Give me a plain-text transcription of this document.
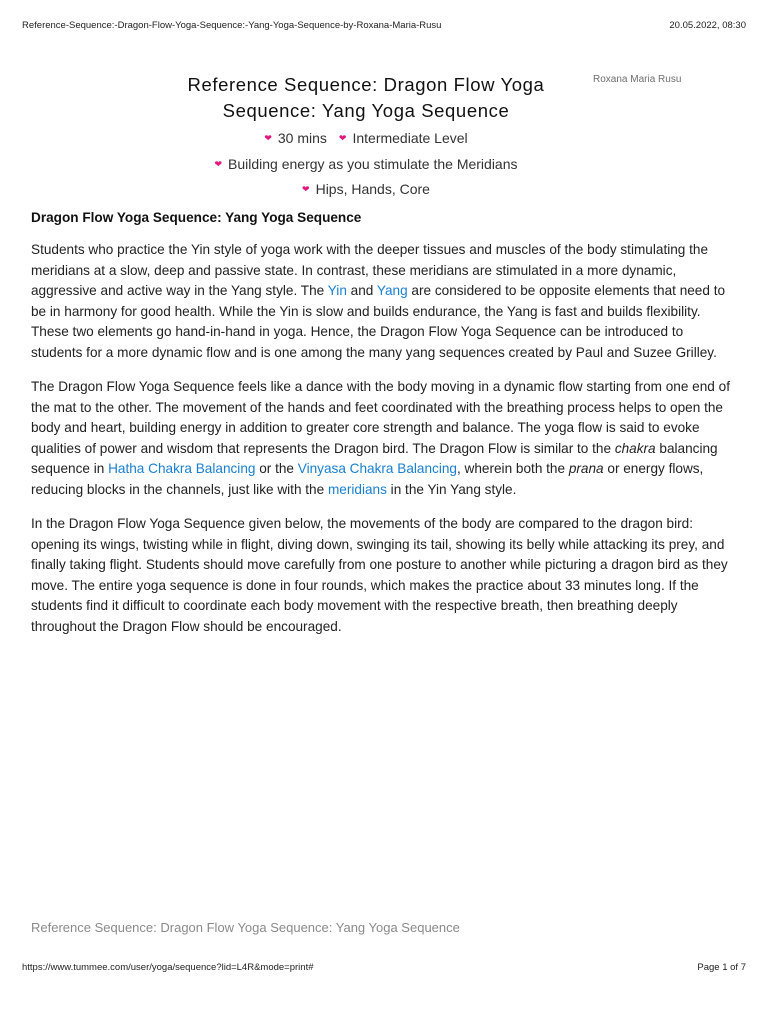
Reference-Sequence:-Dragon-Flow-Yoga-Sequence:-Yang-Yoga-Sequence-by-Roxana-Maria-Rusu	20.05.2022, 08:30
Reference Sequence: Dragon Flow Yoga Sequence: Yang Yoga Sequence
Roxana Maria Rusu
❤ 30 mins ❤ Intermediate Level
❤ Building energy as you stimulate the Meridians
❤ Hips, Hands, Core
Dragon Flow Yoga Sequence: Yang Yoga Sequence

Students who practice the Yin style of yoga work with the deeper tissues and muscles of the body stimulating the meridians at a slow, deep and passive state. In contrast, these meridians are stimulated in a more dynamic, aggressive and active way in the Yang style. The Yin and Yang are considered to be opposite elements that need to be in harmony for good health. While the Yin is slow and builds endurance, the Yang is fast and builds flexibility. These two elements go hand-in-hand in yoga. Hence, the Dragon Flow Yoga Sequence can be introduced to students for a more dynamic flow and is one among the many yang sequences created by Paul and Suzee Grilley.

The Dragon Flow Yoga Sequence feels like a dance with the body moving in a dynamic flow starting from one end of the mat to the other. The movement of the hands and feet coordinated with the breathing process helps to open the body and heart, building energy in addition to greater core strength and balance. The yoga flow is said to evoke qualities of power and wisdom that represents the Dragon bird. The Dragon Flow is similar to the chakra balancing sequence in Hatha Chakra Balancing or the Vinyasa Chakra Balancing, wherein both the prana or energy flows, reducing blocks in the channels, just like with the meridians in the Yin Yang style.

In the Dragon Flow Yoga Sequence given below, the movements of the body are compared to the dragon bird: opening its wings, twisting while in flight, diving down, swinging its tail, showing its belly while attacking its prey, and finally taking flight. Students should move carefully from one posture to another while picturing a dragon bird as they move. The entire yoga sequence is done in four rounds, which makes the practice about 33 minutes long. If the students find it difficult to coordinate each body movement with the respective breath, then breathing deeply throughout the Dragon Flow should be encouraged.

Reference Sequence: Dragon Flow Yoga Sequence: Yang Yoga Sequence
https://www.tummee.com/user/yoga/sequence?lid=L4R&mode=print#	Page 1 of 7
